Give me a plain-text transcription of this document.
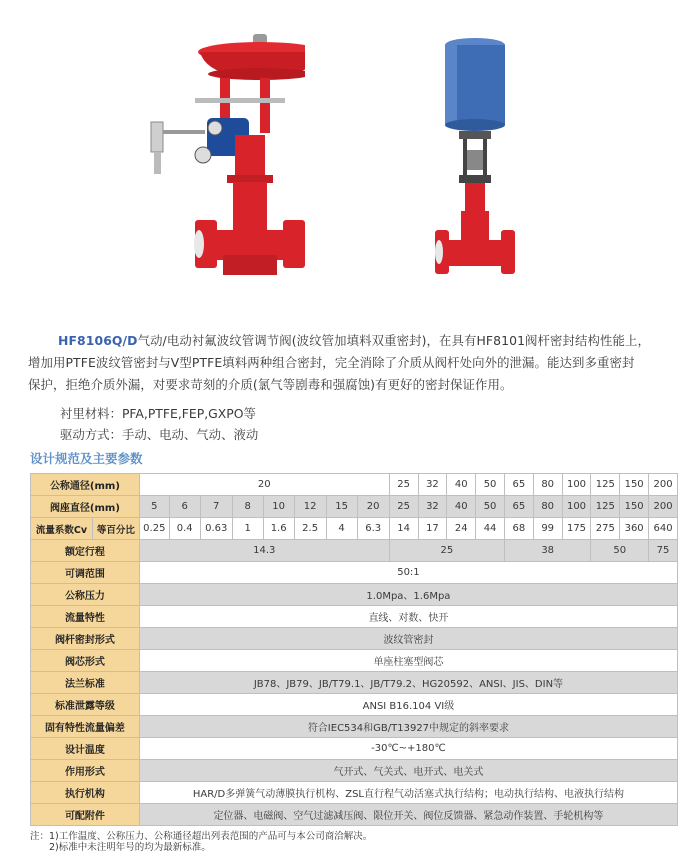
HF8106Q/D气动/电动衬氟波纹管调节阀(波纹管加填料双重密封)，在具有HF8101阀杆密封结构性能上，
增加用PTFE波纹管密封与V型PTFE填料两种组合密封，完全消除了介质从阀杆处向外的泄漏。能达到多重密封
保护，拒绝介质外漏，对要求苛刻的介质(氯气等剧毒和强腐蚀)有更好的密封保证作用。
衬里材料：PFA,PTFE,FEP,GXPO等
驱动方式：手动、电动、气动、液动
设计规范及主要参数
公称通径(mm)		20								25	32	40	50	65	80	100	125	150	200
阀座直径(mm)		5	6	7	8	10	12	15	20	25	32	40	50	65	80	100	125	150	200
流量系数Cv	等百分比	0.25	0.4	0.63	1	1.6	2.5	4	6.3	14	17	24	44	68	99	175	275	360	640
额定行程		14.3								25				38			50		75
可调范围		50:1																	
公称压力		1.0Mpa、1.6Mpa																	
流量特性		直线、对数、快开																	
阀杆密封形式		波纹管密封																	
阀芯形式		单座柱塞型阀芯																	
法兰标准		JB78、JB79、JB/T79.1、JB/T79.2、HG20592、ANSI、JIS、DIN等																	
标准泄露等级		ANSI B16.104 VI级																	
固有特性流量偏差		符合IEC534和GB/T13927中规定的斜率要求																	
设计温度		-30℃~+180℃																	
作用形式		气开式、气关式、电开式、电关式																	
执行机构		HAR/D多弹簧气动薄膜执行机构、ZSL直行程气动活塞式执行结构；电动执行结构、电液执行结构																	
可配附件		定位器、电磁阀、空气过滤减压阀、限位开关、阀位反馈器、紧急动作装置、手轮机构等																	
注：1)工作温度、公称压力、公称通径超出列表范围的产品可与本公司商洽解决。
2)标准中未注明年号的均为最新标准。
